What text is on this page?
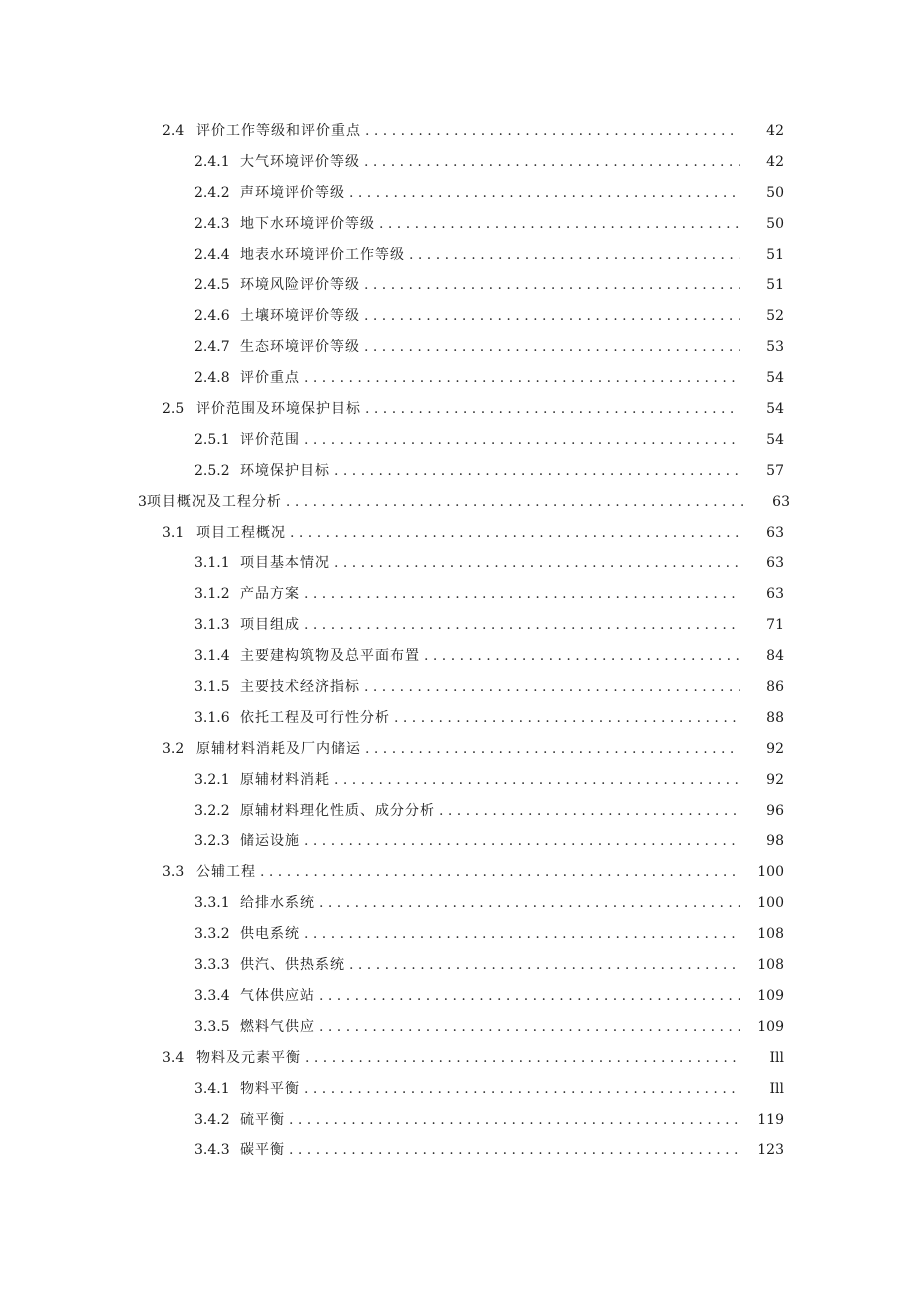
2.4 评价工作等级和评价重点 . . .	42
2.4.1 大气环境评价等级 . . .	42
2.4.2 声环境评价等级 . . .	50
2.4.3 地下水环境评价等级 . . .	50
2.4.4 地表水环境评价工作等级 . . .	51
2.4.5 环境风险评价等级 . . .	51
2.4.6 土壤环境评价等级 . . .	52
2.4.7 生态环境评价等级 . . .	53
2.4.8 评价重点 . . .	54
2.5 评价范围及环境保护目标 . . .	54
2.5.1 评价范围 . . .	54
2.5.2 环境保护目标 . . .	57
3 项目概况及工程分析 . . .	63
3.1 项目工程概况 . . .	63
3.1.1 项目基本情况 . . .	63
3.1.2 产品方案 . . .	63
3.1.3 项目组成 . . .	71
3.1.4 主要建构筑物及总平面布置 . . .	84
3.1.5 主要技术经济指标 . . .	86
3.1.6 依托工程及可行性分析 . . .	88
3.2 原辅材料消耗及厂内储运 . . .	92
3.2.1 原辅材料消耗 . . .	92
3.2.2 原辅材料理化性质、成分分析 . . .	96
3.2.3 储运设施 . . .	98
3.3 公辅工程 . . .	100
3.3.1 给排水系统 . . .	100
3.3.2 供电系统 . . .	108
3.3.3 供汽、供热系统 . . .	108
3.3.4 气体供应站 . . .	109
3.3.5 燃料气供应 . . .	109
3.4 物料及元素平衡 . . .	Ill
3.4.1 物料平衡 . . .	Ill
3.4.2 硫平衡 . . .	119
3.4.3 碳平衡 . . .	123
